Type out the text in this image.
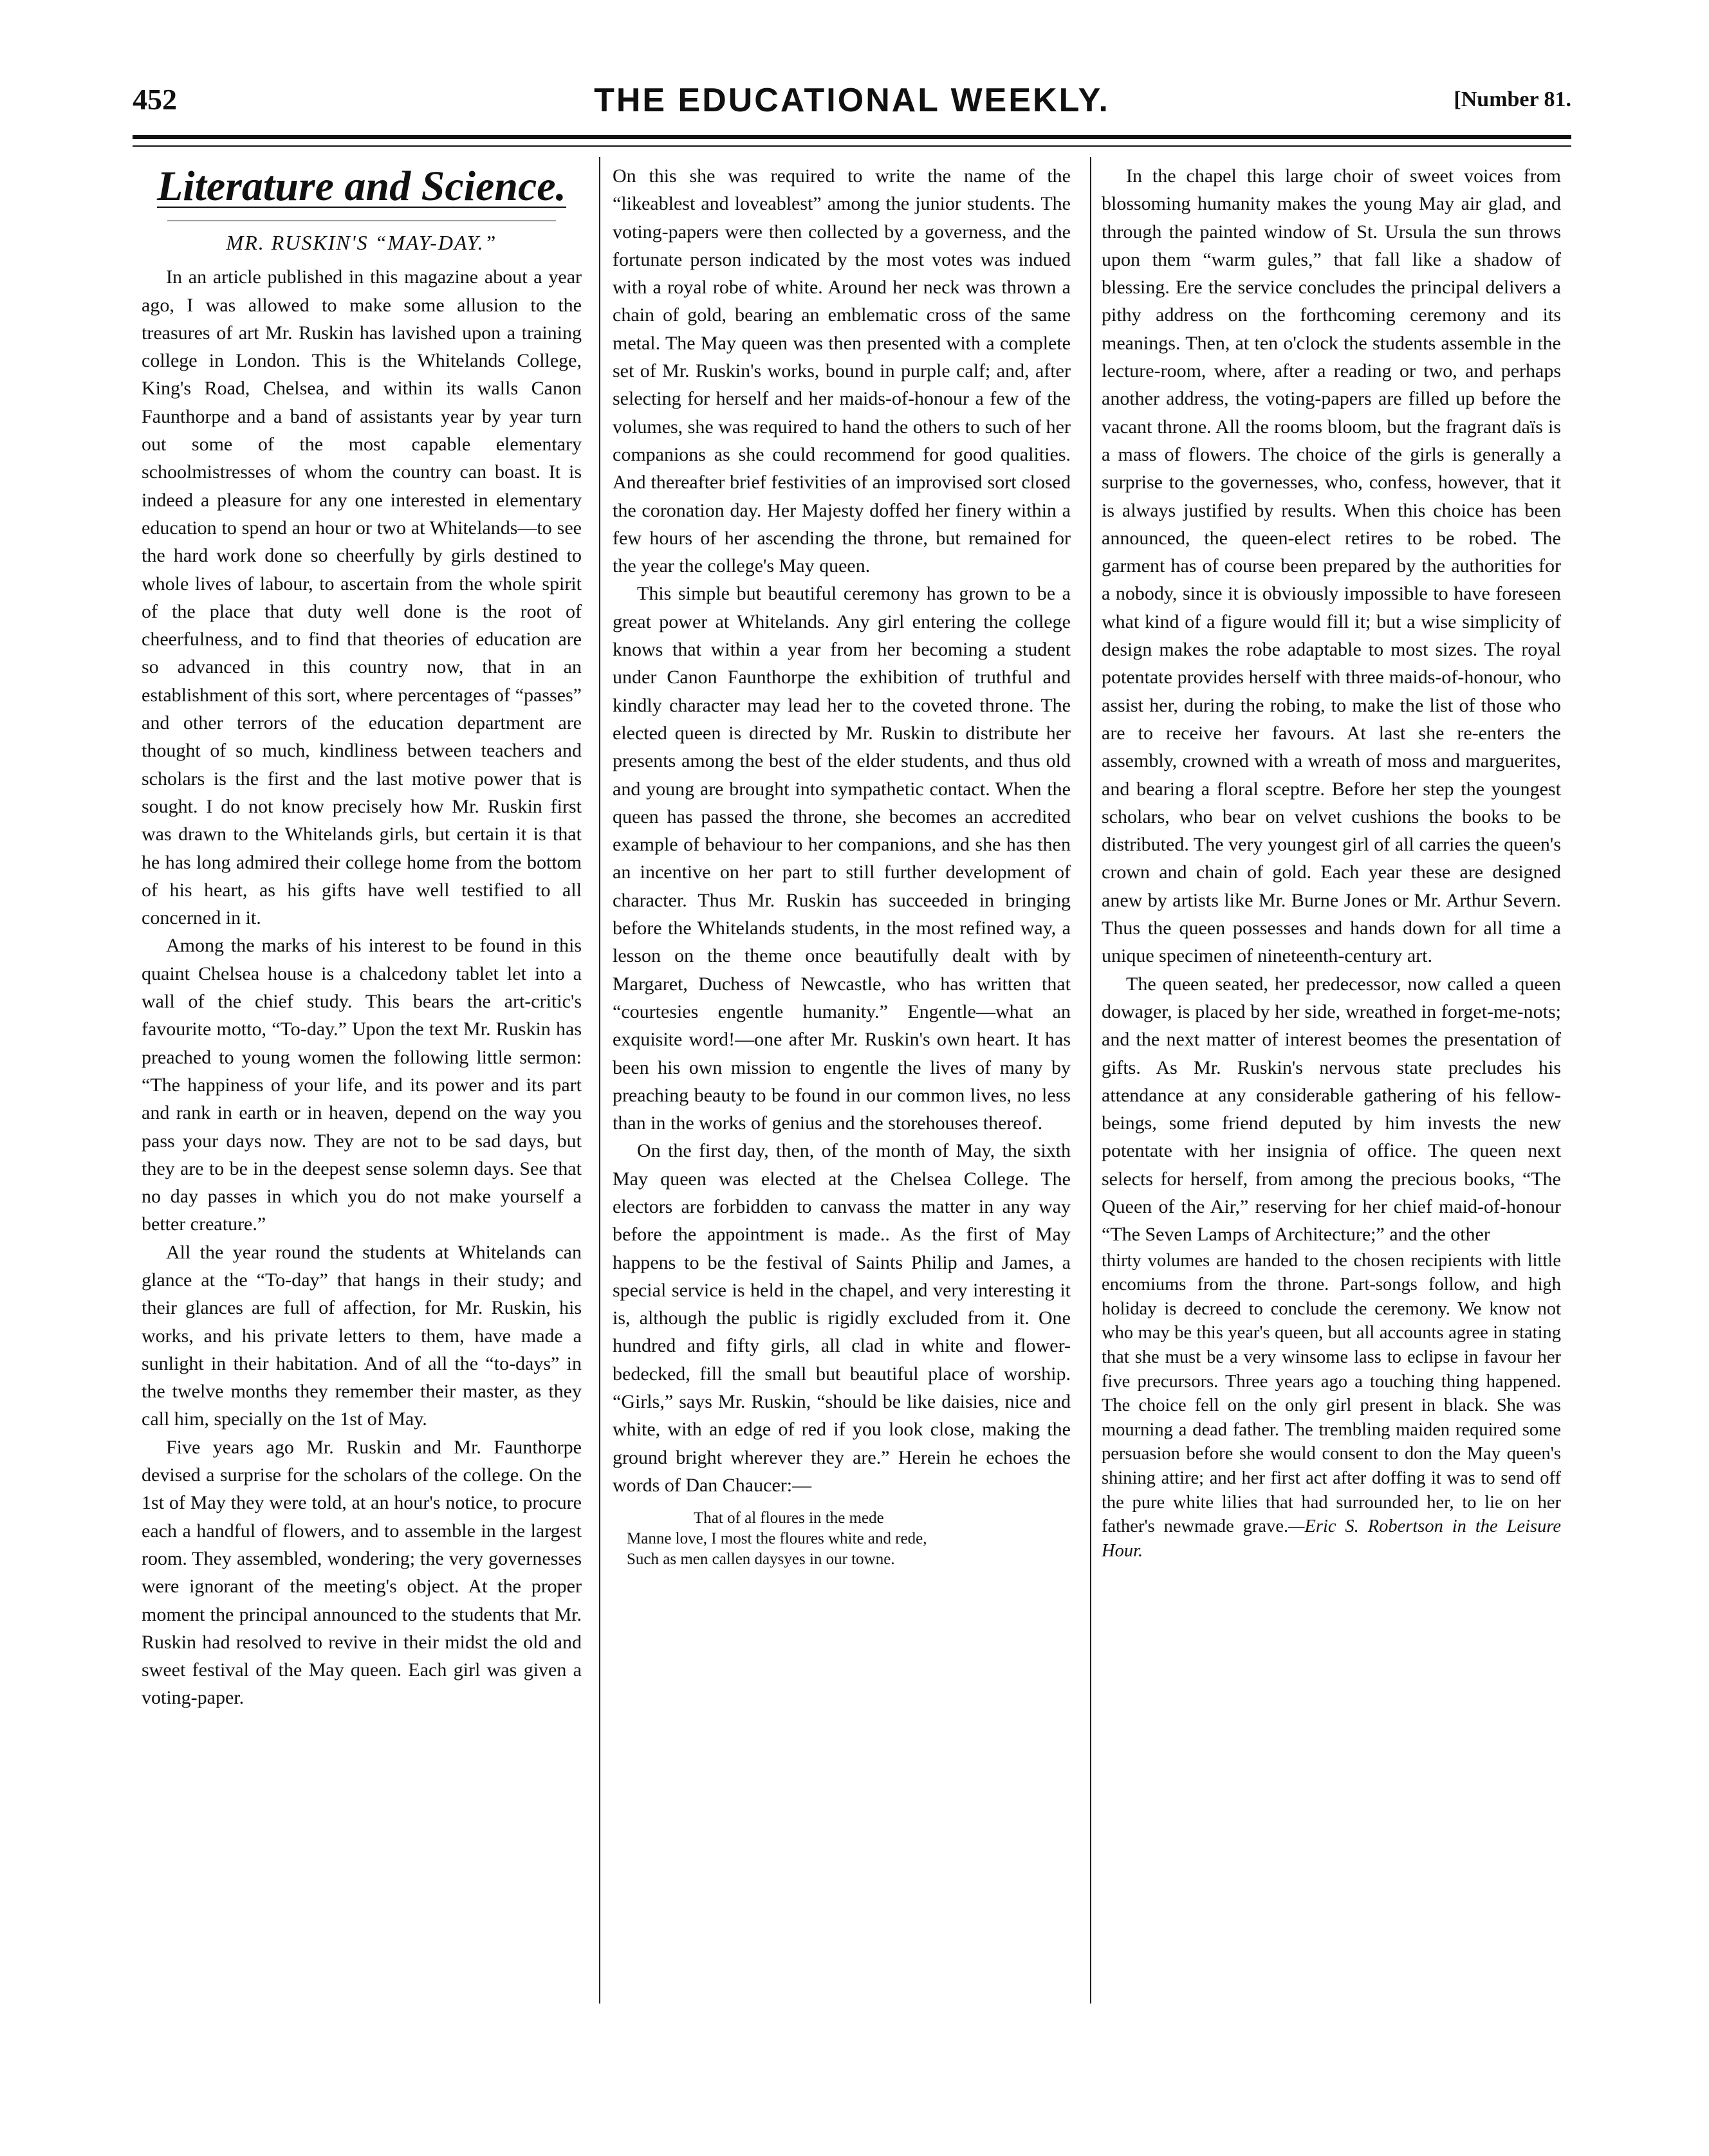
452	THE EDUCATIONAL WEEKLY.	[Number 81.
Literature and Science.
MR. RUSKIN'S “MAY-DAY.”

In an article published in this magazine about a year ago, I was allowed to make some allusion to the treasures of art Mr. Ruskin has lavished upon a training college in London. This is the Whitelands College, King's Road, Chelsea, and within its walls Canon Faunthorpe and a band of assistants year by year turn out some of the most capable elementary schoolmistresses of whom the country can boast. It is indeed a pleasure for any one interested in elementary education to spend an hour or two at Whitelands—to see the hard work done so cheerfully by girls destined to whole lives of labour, to ascertain from the whole spirit of the place that duty well done is the root of cheerfulness, and to find that theories of education are so advanced in this country now, that in an establishment of this sort, where percentages of “passes” and other terrors of the education department are thought of so much, kindliness between teachers and scholars is the first and the last motive power that is sought. I do not know precisely how Mr. Ruskin first was drawn to the Whitelands girls, but certain it is that he has long admired their college home from the bottom of his heart, as his gifts have well testified to all concerned in it.

Among the marks of his interest to be found in this quaint Chelsea house is a chalcedony tablet let into a wall of the chief study. This bears the art-critic's favourite motto, “To-day.” Upon the text Mr. Ruskin has preached to young women the following little sermon: “The happiness of your life, and its power and its part and rank in earth or in heaven, depend on the way you pass your days now. They are not to be sad days, but they are to be in the deepest sense solemn days. See that no day passes in which you do not make yourself a better creature.”

All the year round the students at Whitelands can glance at the “To-day” that hangs in their study; and their glances are full of affection, for Mr. Ruskin, his works, and his private letters to them, have made a sunlight in their habitation. And of all the “to-days” in the twelve months they remember their master, as they call him, specially on the 1st of May.

Five years ago Mr. Ruskin and Mr. Faunthorpe devised a surprise for the scholars of the college. On the 1st of May they were told, at an hour's notice, to procure each a handful of flowers, and to assemble in the largest room. They assembled, wondering; the very governesses were ignorant of the meeting's object. At the proper moment the principal announced to the students that Mr. Ruskin had resolved to revive in their midst the old and sweet festival of the May queen. Each girl was given a voting-paper.

On this she was required to write the name of the “likeablest and loveablest” among the junior students. The voting-papers were then collected by a governess, and the fortunate person indicated by the most votes was indued with a royal robe of white. Around her neck was thrown a chain of gold, bearing an emblematic cross of the same metal. The May queen was then presented with a complete set of Mr. Ruskin's works, bound in purple calf; and, after selecting for herself and her maids-of-honour a few of the volumes, she was required to hand the others to such of her companions as she could recommend for good qualities. And thereafter brief festivities of an improvised sort closed the coronation day. Her Majesty doffed her finery within a few hours of her ascending the throne, but remained for the year the college's May queen.

This simple but beautiful ceremony has grown to be a great power at Whitelands. Any girl entering the college knows that within a year from her becoming a student under Canon Faunthorpe the exhibition of truthful and kindly character may lead her to the coveted throne. The elected queen is directed by Mr. Ruskin to distribute her presents among the best of the elder students, and thus old and young are brought into sympathetic contact. When the queen has passed the throne, she becomes an accredited example of behaviour to her companions, and she has then an incentive on her part to still further development of character. Thus Mr. Ruskin has succeeded in bringing before the Whitelands students, in the most refined way, a lesson on the theme once beautifully dealt with by Margaret, Duchess of Newcastle, who has written that “courtesies engentle humanity.” Engentle—what an exquisite word!—one after Mr. Ruskin's own heart. It has been his own mission to engentle the lives of many by preaching beauty to be found in our common lives, no less than in the works of genius and the storehouses thereof.

On the first day, then, of the month of May, the sixth May queen was elected at the Chelsea College. The electors are forbidden to canvass the matter in any way before the appointment is made.. As the first of May happens to be the festival of Saints Philip and James, a special service is held in the chapel, and very interesting it is, although the public is rigidly excluded from it. One hundred and fifty girls, all clad in white and flower-bedecked, fill the small but beautiful place of worship. “Girls,” says Mr. Ruskin, “should be like daisies, nice and white, with an edge of red if you look close, making the ground bright wherever they are.” Herein he echoes the words of Dan Chaucer:—

That of al floures in the mede
Manne love, I most the floures white and rede,
Such as men callen daysyes in our towne.

In the chapel this large choir of sweet voices from blossoming humanity makes the young May air glad, and through the painted window of St. Ursula the sun throws upon them “warm gules,” that fall like a shadow of blessing. Ere the service concludes the principal delivers a pithy address on the forthcoming ceremony and its meanings. Then, at ten o'clock the students assemble in the lecture-room, where, after a reading or two, and perhaps another address, the voting-papers are filled up before the vacant throne. All the rooms bloom, but the fragrant daïs is a mass of flowers. The choice of the girls is generally a surprise to the governesses, who, confess, however, that it is always justified by results. When this choice has been announced, the queen-elect retires to be robed. The garment has of course been prepared by the authorities for a nobody, since it is obviously impossible to have foreseen what kind of a figure would fill it; but a wise simplicity of design makes the robe adaptable to most sizes. The royal potentate provides herself with three maids-of-honour, who assist her, during the robing, to make the list of those who are to receive her favours. At last she re-enters the assembly, crowned with a wreath of moss and marguerites, and bearing a floral sceptre. Before her step the youngest scholars, who bear on velvet cushions the books to be distributed. The very youngest girl of all carries the queen's crown and chain of gold. Each year these are designed anew by artists like Mr. Burne Jones or Mr. Arthur Severn. Thus the queen possesses and hands down for all time a unique specimen of nineteenth-century art.

The queen seated, her predecessor, now called a queen dowager, is placed by her side, wreathed in forget-me-nots; and the next matter of interest beomes the presentation of gifts. As Mr. Ruskin's nervous state precludes his attendance at any considerable gathering of his fellow-beings, some friend deputed by him invests the new potentate with her insignia of office. The queen next selects for herself, from among the precious books, “The Queen of the Air,” reserving for her chief maid-of-honour “The Seven Lamps of Architecture;” and the other

thirty volumes are handed to the chosen recipients with little encomiums from the throne. Part-songs follow, and high holiday is decreed to conclude the ceremony. We know not who may be this year's queen, but all accounts agree in stating that she must be a very winsome lass to eclipse in favour her five precursors. Three years ago a touching thing happened. The choice fell on the only girl present in black. She was mourning a dead father. The trembling maiden required some persuasion before she would consent to don the May queen's shining attire; and her first act after doffing it was to send off the pure white lilies that had surrounded her, to lie on her father's newmade grave.—Eric S. Robertson in the Leisure Hour.
